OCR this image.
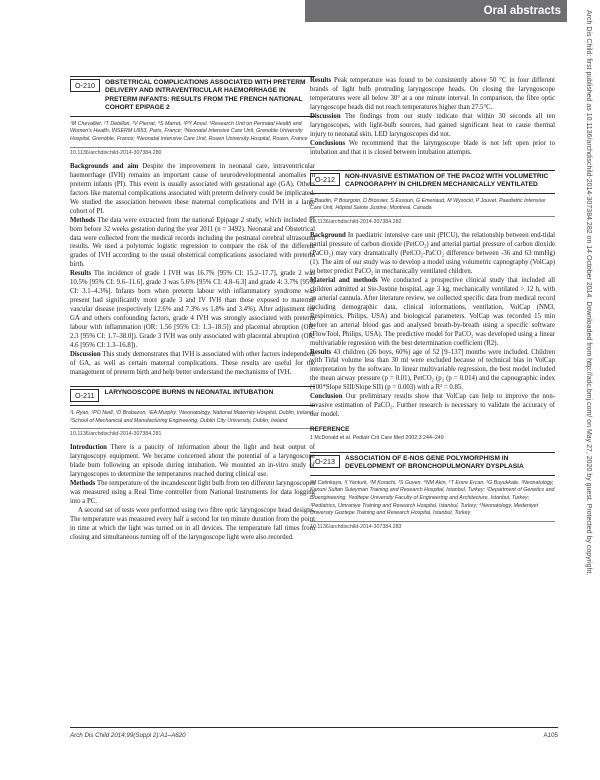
Oral abstracts	Arch Dis Child: first published as 10.1136/archdischild-2014-307384.282 on 14 October 2014. Downloaded from http://adc.bmj.com/ on May 27, 2020 by guest. Protected by copyright.
O-210	OBSTETRICAL COMPLICATIONS ASSOCIATED WITH PRETERM DELIVERY AND INTRAVENTRICULAR HAEMORRHAGE IN PRETERM INFANTS: RESULTS FROM THE FRENCH NATIONAL COHORT EPIPAGE 2
¹M Chevallier, ²T Debillon, ³V Pierrat, ⁴S Marret, ¹PY Ancel. ¹Research Unit on Perinatal Health and Women's Health, INSERM U953, Paris, France; ²Neonatal Intensive Care Unit, Grenoble University Hospital, Grenoble, France; ³Neonatal Intensive Care Unit, Rouen University Hospital, Rouen, France
10.1136/archdischild-2014-307384.280

Backgrounds and aim Despite the improvement in neonatal care, intraventricular haemorrhage (IVH) remains an important cause of neurodevelopmental anomalies in preterm infants (PI). This event is usually associated with gestational age (GA). Others factors like maternal complications associated with preterm delivery could be implicated. We studied the association between these maternal complications and IVH in a large cohort of PI.

Methods The data were extracted from the national Epipage 2 study, which included PI born before 32 weeks gestation during the year 2011 (n = 3492). Neonatal and Obstetrical data were collected from the medical records including the postnatal cerebral ultrasound results. We used a polytomic logistic regression to compare the risk of the different grades of IVH according to the usual obstetrical complications associated with preterm birth.

Results The incidence of grade 1 IVH was 16.7% [95% CI: 15.2–17.7], grade 2 was 10.5% [95% CI: 9.6–11.6], grade 3 was 5.6% [95% CI: 4.8–6.3] and grade 4: 3.7% [95% CI: 3.1–4.3%]. Infants born when preterm labour with inflammatory syndrome was present had significantly more grade 3 and IV IVH than those exposed to maternal vascular disease (respectively 12.6% and 7.3% vs 1.8% and 3.4%). After adjustment for GA and others confounding factors, grade 4 IVH was strongly associated with preterm labour with inflammation (OR: 1.56 [95% CI: 1.3–18.5]) and placental abruption (OR: 2.3 [95% CI: 1.7–38.0]). Grade 3 IVH was only associated with placental abruption (OR: 4.6 [95% CI: 1.3–16.8]).

Discussion This study demonstrates that IVH is associated with other factors independent of GA, as well as certain maternal complications. These results are useful for the management of preterm birth and help better understand the mechanisms of IVH.

O-211	LARYNGOSCOPE BURNS IN NEONATAL INTUBATION
¹L Ryan, ²PO Neill, ¹D Brabazon, ¹EA Murphy. ¹Neonatology, National Maternity Hospital, Dublin, Ireland; ²School of Mechanical and Manufacturing Engineering, Dublin City University, Dublin, Ireland
10.1136/archdischild-2014-307384.281

Introduction There is a paucity of information about the light and heat output of laryngoscopy equipment. We became concerned about the potential of a laryngoscope blade burn following an episode during intubation. We mounted an in-vitro study of laryngoscopes to determine the temperatures reached during clinical use.

Methods The temperature of the incandescent light bulb from ten different laryngoscopes was measured using a Real Time controller from National Instruments for data logging into a PC.

A second set of tests were performed using two fibre optic laryngoscope head designs. The temperature was measured every half a second for ten minute duration from the point in time at which the light was turned on in all devices. The temperature fall times from closing and simultaneous turning off of the laryngoscope light were also recorded.

Results Peak temperature was found to be consistently above 50 °C in four different brands of light bulb protruding laryngoscope heads. On closing the laryngoscope temperatures were all below 30° at a one minute interval. In comparison, the fibre optic laryngoscope heads did not reach temperatures higher than 27.5°C.

Discussion The findings from our study indicate that within 30 seconds all ten laryngoscopes, with light-bulb sources, had gained significant heat to cause thermal injury to neonatal skin. LED laryngoscopes did not.

Conclusions We recommend that the laryngoscope blade is not left open prior to intubation and that it is closed between intubation attempts.

O-212	NON-INVASIVE ESTIMATION OF THE PACO2 WITH VOLUMETRIC CAPNOGRAPHY IN CHILDREN MECHANICALLY VENTILATED
F Baudin, P Bourgoin, D Brossier, S Essouri, G Emeriaud, M Wysocki, P Jouvet. Paediatric Intensive Care Unit, Hôpital Sainte Justine, Montreal, Canada
10.1136/archdischild-2014-307384.282

Background In paediatric intensive care unit (PICU), the relationship between end-tidal partial pressure of carbon dioxide (PetCO₂) and arterial partial pressure of carbon dioxide (PaCO₂) may vary dramatically (PetCO₂-PaCO₂ difference between -36 and 63 mmHg) (1). The aim of our study was to develop a model using volumetric capnography (VolCap) to better predict PaCO₂ in mechanically ventilated children.

Material and methods We conducted a prospective clinical study that included all children admitted at Ste-Justine hospital, age 3 kg, mechanically ventilated > 12 h, with an arterial cannula. After literature review, we collected specific data from medical record including demographic data, clinical informations, ventilation, VolCap (NM3, Respironics, Philips, USA) and biological parameters. VolCap was recorded 15 min before an arterial blood gas and analysed breath-by-breath using a specific software (FlowTool, Philips, USA). The predictive model for PaCO₂ was developed using a linear multivariable regression with the best determination coefficient (R2).

Results 43 children (26 boys, 60%) age of 52 [9–137] months were included. Children with Tidal volume less than 30 ml were excluded because of technical bias in VolCap interpretation by the software. In linear multivariable regression, the best model included the mean airway pressure (p = 0.01), PetCO₂ (p₂ (p = 0.014) and the capnographic index (100*Slope SIII/Slope SII) (p = 0.003) with a R² = 0.85.

Conclusion Our preliminary results show that VolCap can help to improve the non-invasive estimation of PaCO₂. Further research is necessary to validate the accuracy of our model.

REFERENCE
1 McDonald et al. Pediatr Crit Care Med 2002;3:244–249
O-213	ASSOCIATION OF E-NOS GENE POLYMORPHISM IN DEVELOPMENT OF BRONCHOPULMONARY DYSPLASIA
¹M Cetinkaya, ¹I Yanturk, ²M Korachi, ³S Guven, ⁴NM Akin, ⁵T Emre Ercan, ¹G Buyukkale. ¹Neonatology, Kanuni Sultan Suleyman Training and Research Hospital, Istanbul, Turkey; ²Department of Genetics and Bioengineering, Yeditepe University Faculty of Engineering and Architecture, Istanbul, Turkey; ³Pediatrics, Umraniye Training and Research Hospital, Istanbul, Turkey; ⁴Neonatology, Medeniyet University Goztepe Training and Research Hospital, Istanbul, Turkey
10.1136/archdischild-2014-307384.283
Arch Dis Child 2014;99(Suppl 2):A1–A620	A105
